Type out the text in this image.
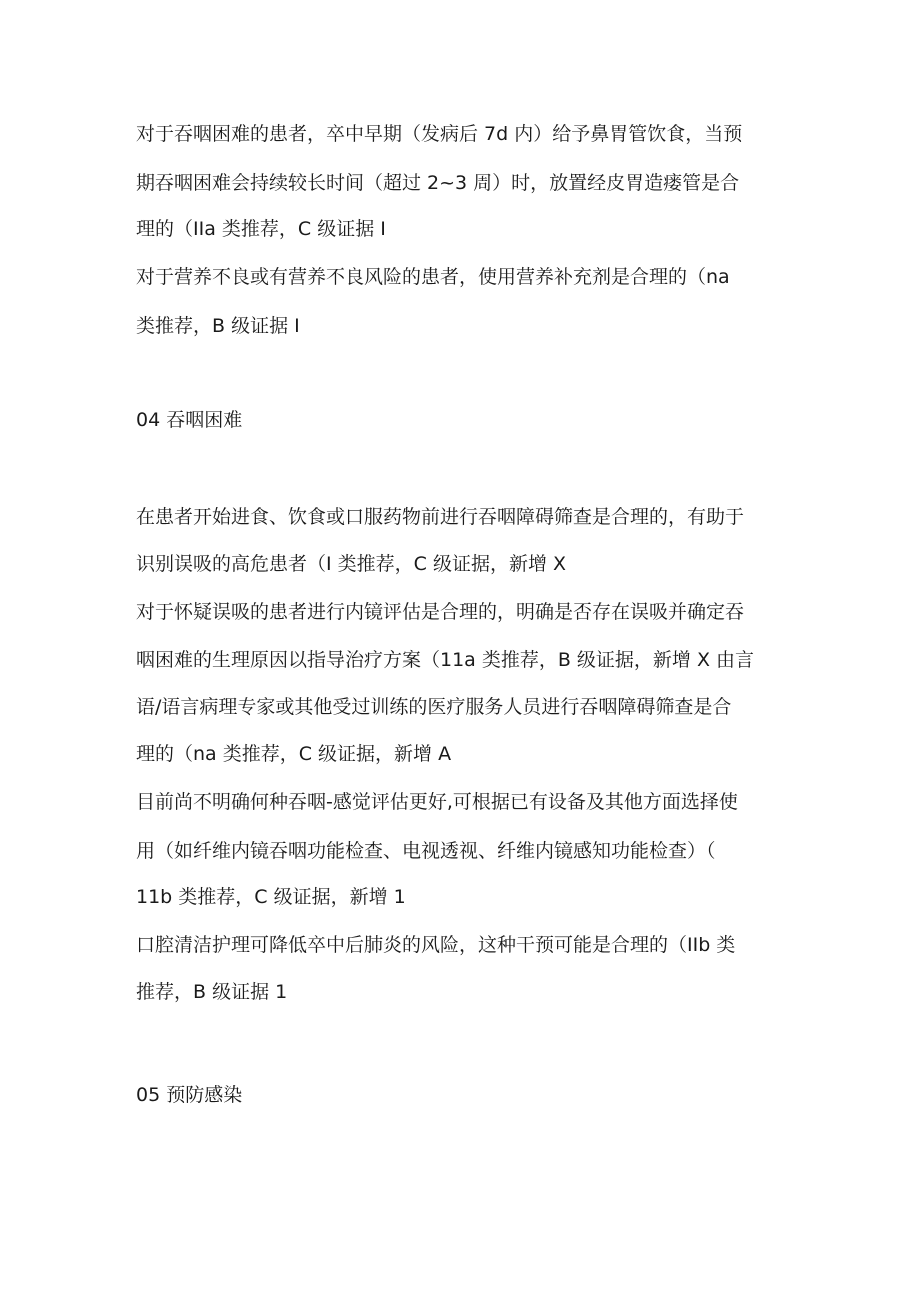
对于吞咽困难的患者，卒中早期（发病后 7d 内）给予鼻胃管饮食，当预
期吞咽困难会持续较长时间（超过 2~3 周）时，放置经皮胃造瘘管是合
理的（IIa 类推荐，C 级证据 I
对于营养不良或有营养不良风险的患者，使用营养补充剂是合理的（na
类推荐，B 级证据 I
04 吞咽困难
在患者开始进食、饮食或口服药物前进行吞咽障碍筛查是合理的，有助于
识别误吸的高危患者（I 类推荐，C 级证据，新增 X
对于怀疑误吸的患者进行内镜评估是合理的，明确是否存在误吸并确定吞
咽困难的生理原因以指导治疗方案（11a 类推荐，B 级证据，新增 X 由言
语/语言病理专家或其他受过训练的医疗服务人员进行吞咽障碍筛查是合
理的（na 类推荐，C 级证据，新增 A
目前尚不明确何种吞咽-感觉评估更好,可根据已有设备及其他方面选择使
用（如纤维内镜吞咽功能检查、电视透视、纤维内镜感知功能检查）（
11b 类推荐，C 级证据，新增 1
口腔清洁护理可降低卒中后肺炎的风险，这种干预可能是合理的（IIb 类
推荐，B 级证据 1
05 预防感染
